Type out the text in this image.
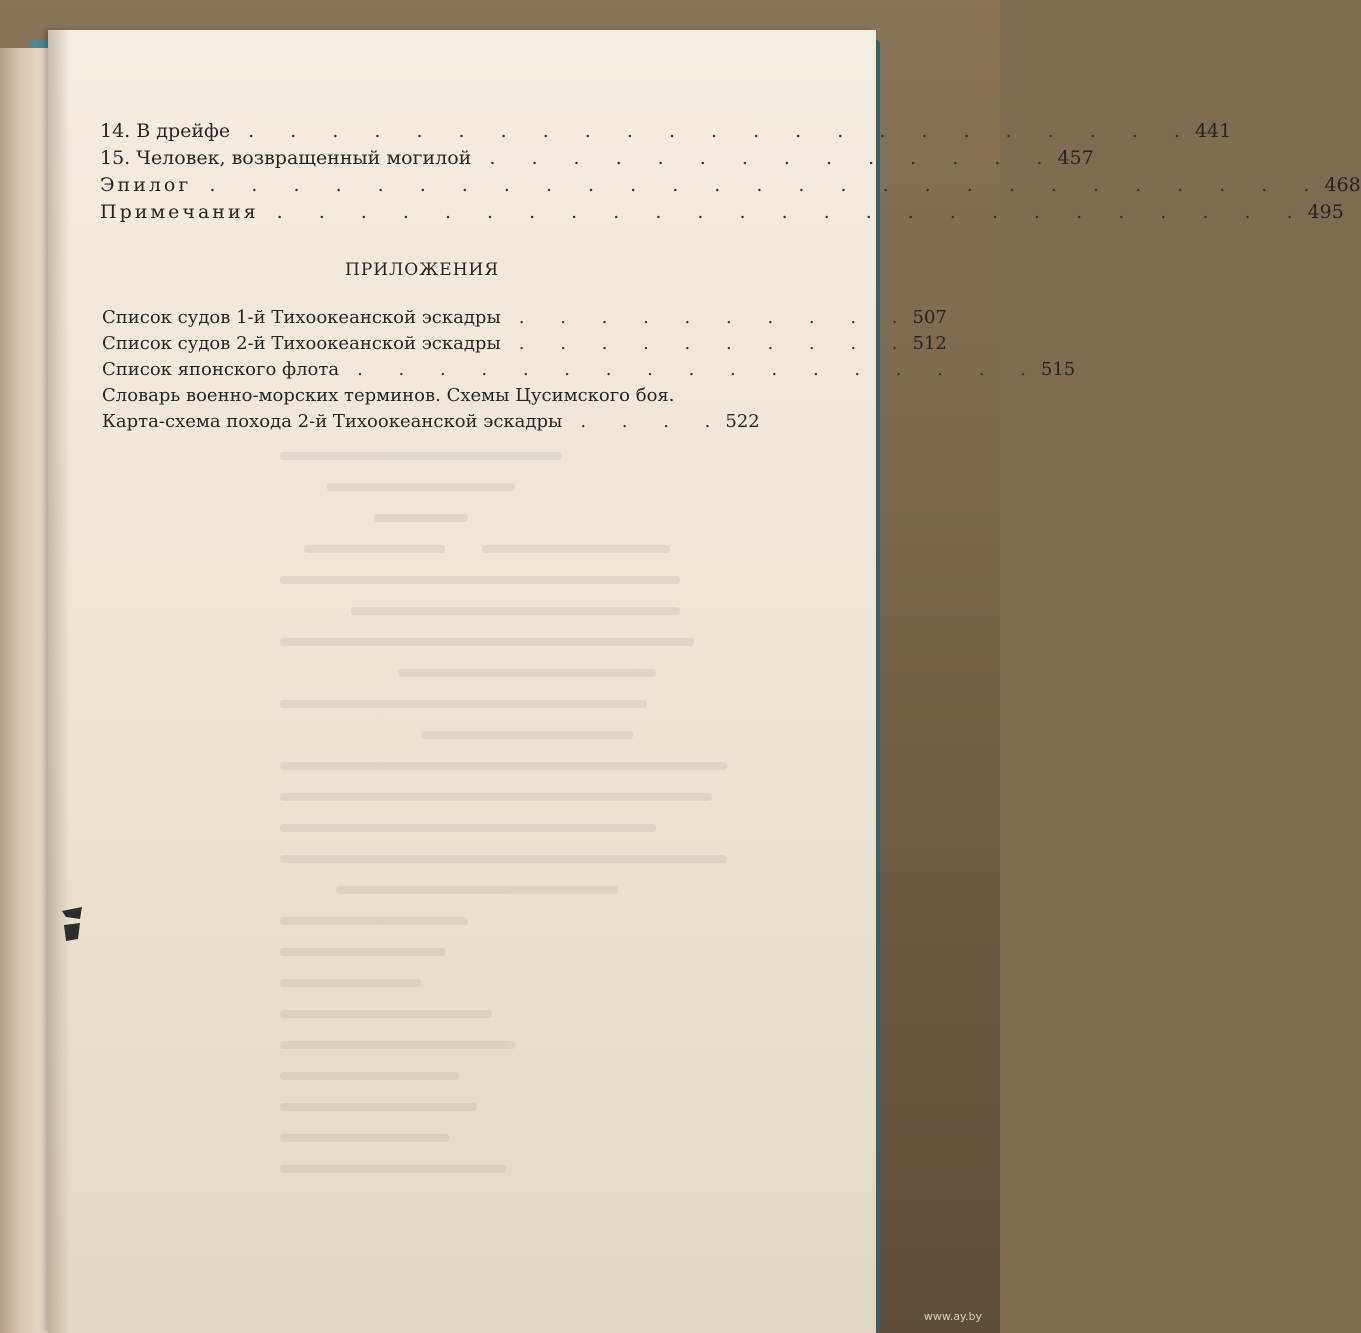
14. В дрейфе . . . . . . . . . . . . . . . . . . . . . . . 441
15. Человек, возвращенный могилой . . . . . . . . . . . . . . 457
Эпилог . . . . . . . . . . . . . . . . . . . . . . . . . . . 468
Примечания . . . . . . . . . . . . . . . . . . . . . . . . . 495
ПРИЛОЖЕНИЯ
Список судов 1-й Тихоокеанской эскадры	. . . . . . . . . . 507
Список судов 2-й Тихоокеанской эскадры	. . . . . . . . . . 512
Список японского флота	. . . . . . . . . . . . . . . . . 515
Словарь военно-морских терминов. Схемы Цусимского боя.
Карта-схема похода 2-й Тихоокеанской эскадры	. . . . 522
www.ay.by
